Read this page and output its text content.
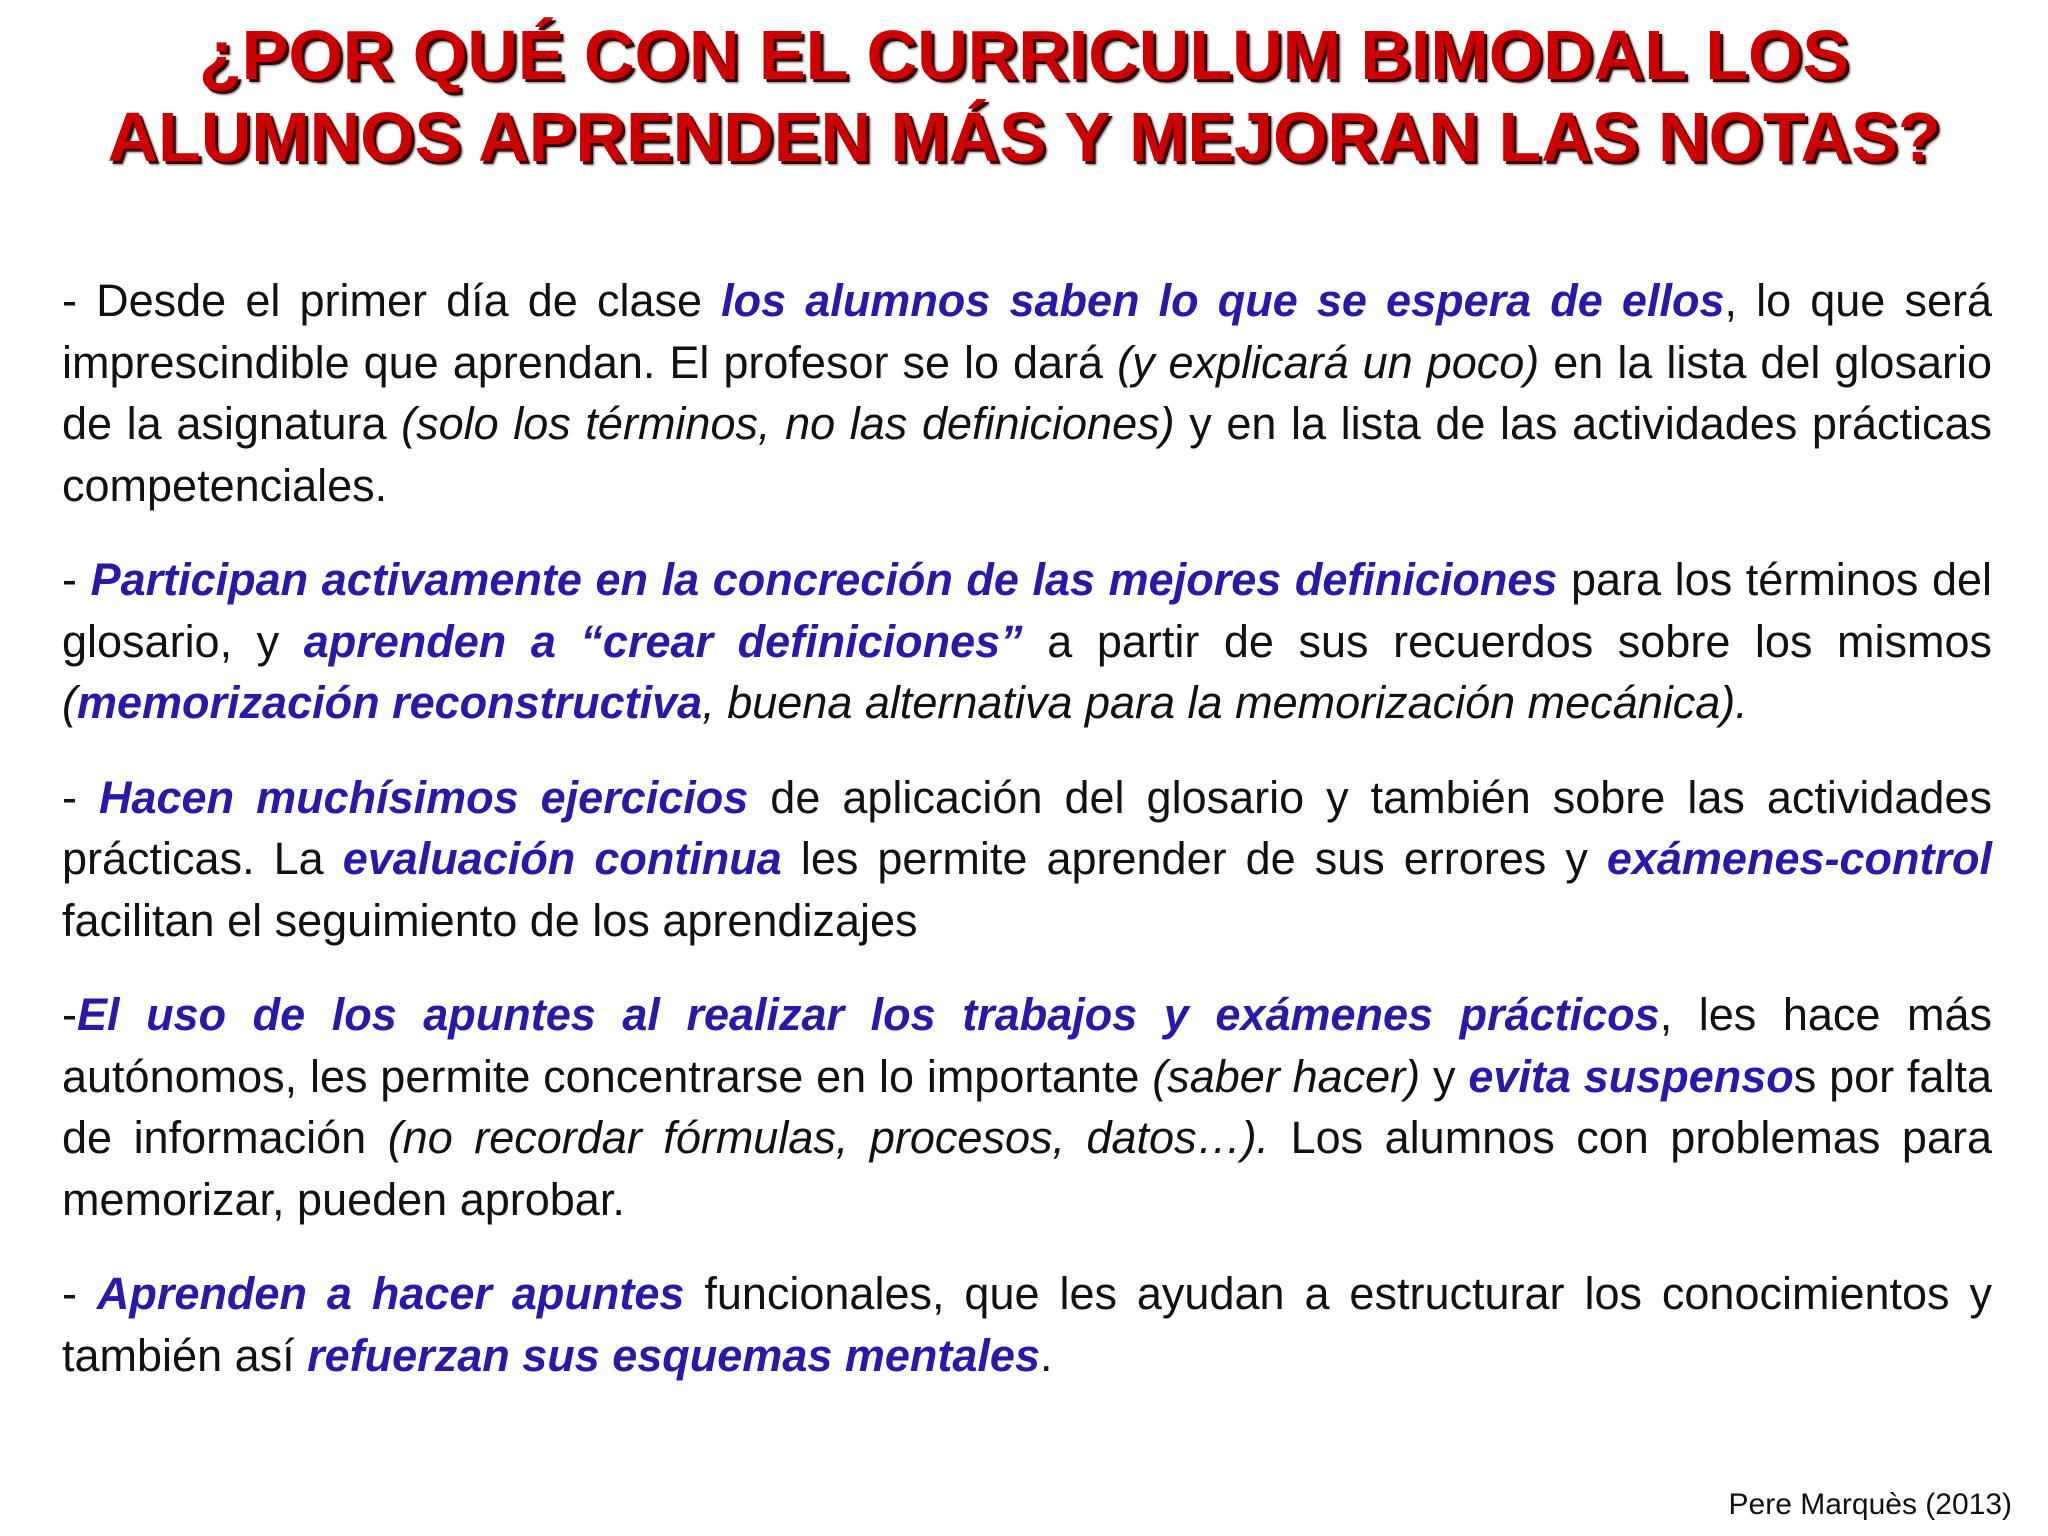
¿POR QUÉ CON EL CURRICULUM BIMODAL LOS
ALUMNOS APRENDEN MÁS Y MEJORAN LAS NOTAS?

- Desde el primer día de clase los alumnos saben lo que se espera de ellos, lo que será imprescindible que aprendan. El profesor se lo dará (y explicará un poco) en la lista del glosario de la asignatura (solo los términos, no las definiciones) y en la lista de las actividades prácticas competenciales.

- Participan activamente en la concreción de las mejores definiciones para los términos del glosario, y aprenden a “crear definiciones” a partir de sus recuerdos sobre los mismos (memorización reconstructiva, buena alternativa para la memorización mecánica).

- Hacen muchísimos ejercicios de aplicación del glosario y también sobre las actividades prácticas. La evaluación continua les permite aprender de sus errores y exámenes-control facilitan el seguimiento de los aprendizajes

-El uso de los apuntes al realizar los trabajos y exámenes prácticos, les hace más autónomos, les permite concentrarse en lo importante (saber hacer) y evita suspensos por falta de información (no recordar fórmulas, procesos, datos…). Los alumnos con problemas para memorizar, pueden aprobar.

- Aprenden a hacer apuntes funcionales, que les ayudan a estructurar los conocimientos y también así refuerzan sus esquemas mentales.

Pere Marquès (2013)
